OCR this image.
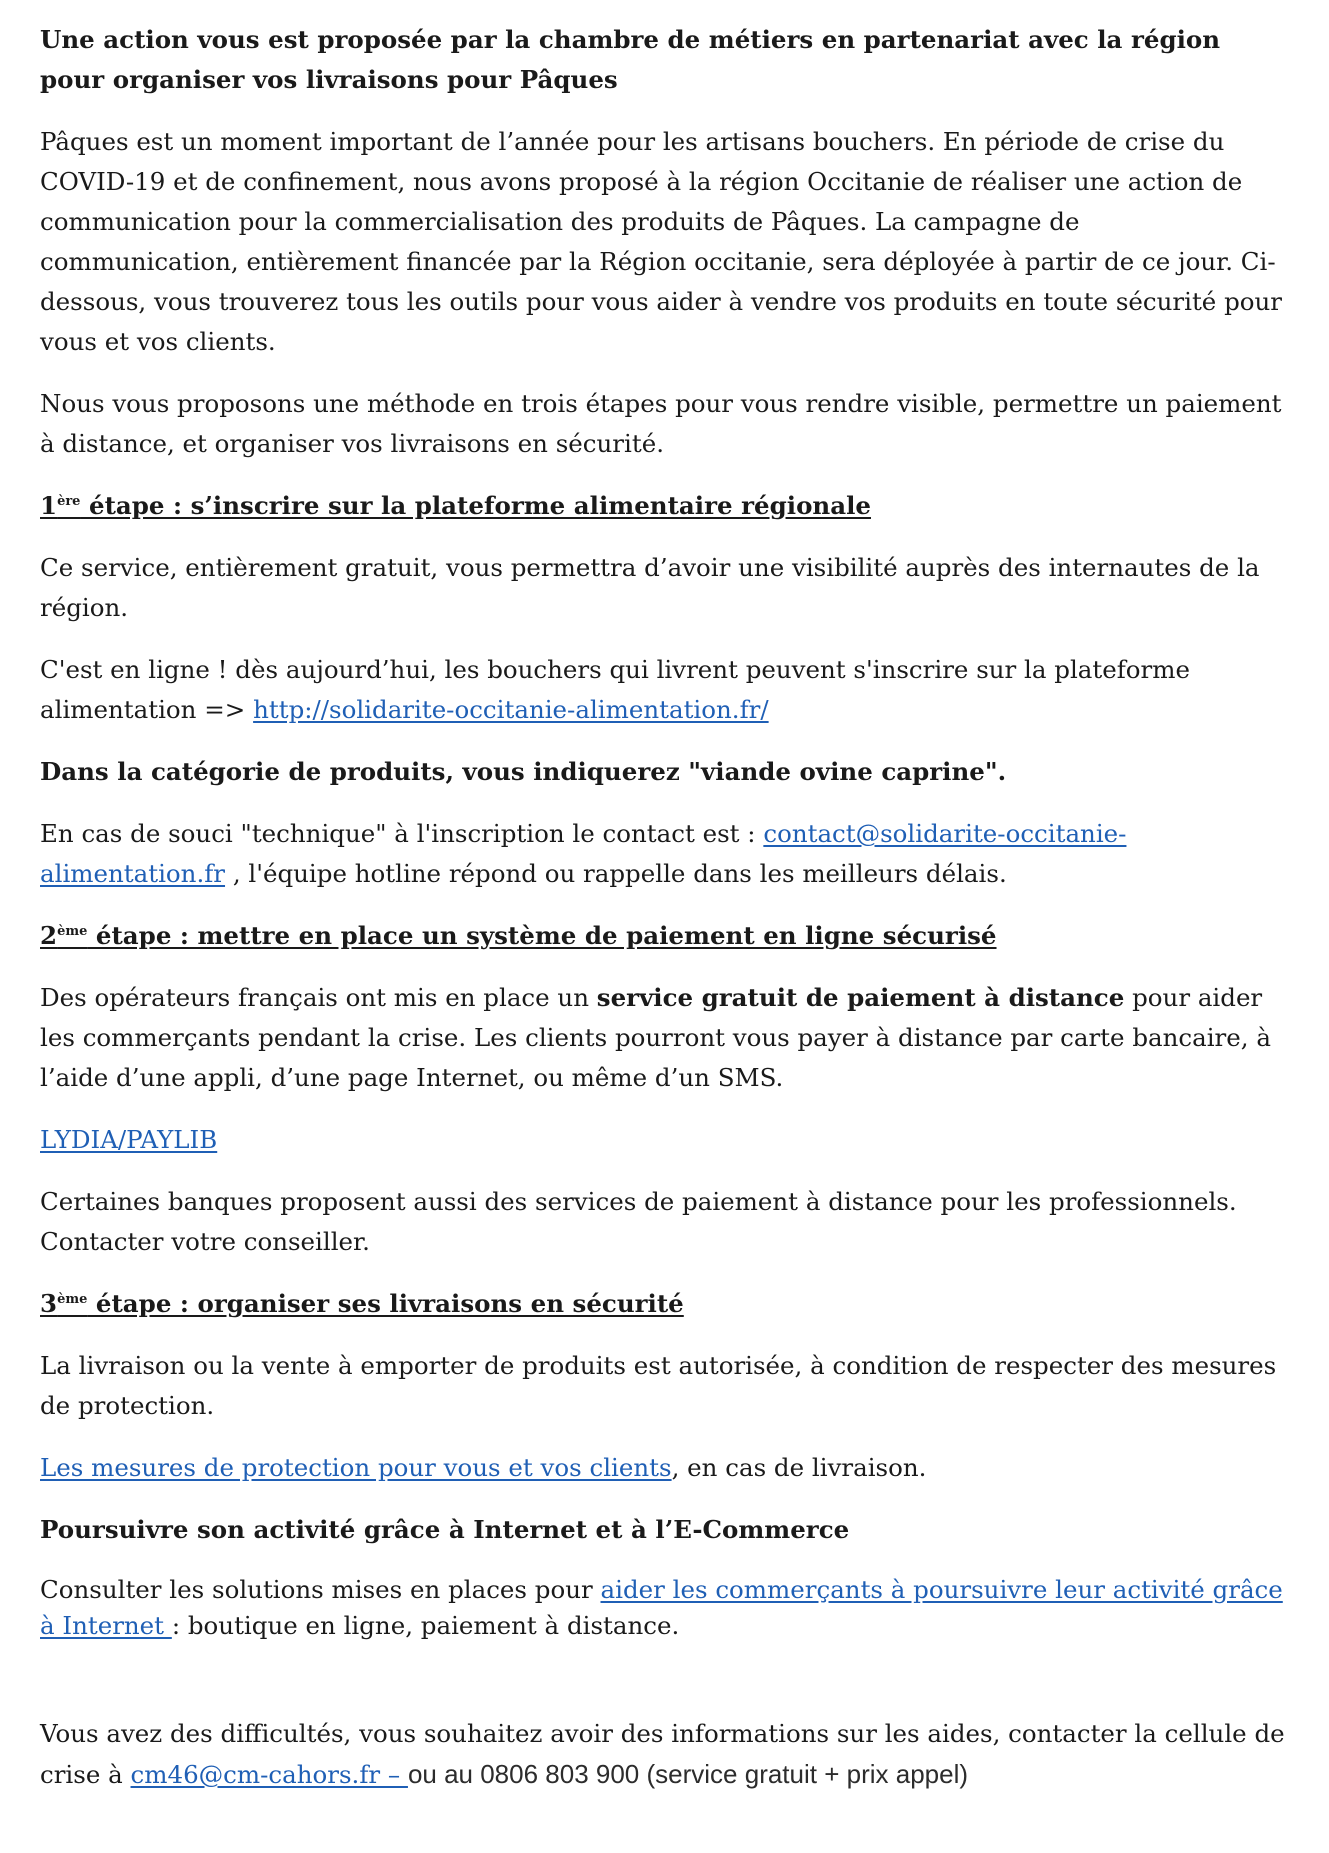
Une action vous est proposée par la chambre de métiers en partenariat avec la région pour organiser vos livraisons pour Pâques

Pâques est un moment important de l’année pour les artisans bouchers. En période de crise du COVID-19 et de confinement, nous avons proposé à la région Occitanie de réaliser une action de communication pour la commercialisation des produits de Pâques. La campagne de communication, entièrement financée par la Région occitanie, sera déployée à partir de ce jour. Ci-dessous, vous trouverez tous les outils pour vous aider à vendre vos produits en toute sécurité pour vous et vos clients.

Nous vous proposons une méthode en trois étapes pour vous rendre visible, permettre un paiement à distance, et organiser vos livraisons en sécurité.

1ère étape : s’inscrire sur la plateforme alimentaire régionale

Ce service, entièrement gratuit, vous permettra d’avoir une visibilité auprès des internautes de la région.

C'est en ligne ! dès aujourd’hui, les bouchers qui livrent peuvent s'inscrire sur la plateforme alimentation => http://solidarite-occitanie-alimentation.fr/

Dans la catégorie de produits, vous indiquerez "viande ovine caprine".

En cas de souci "technique" à l'inscription le contact est : contact@solidarite-occitanie-alimentation.fr , l'équipe hotline répond ou rappelle dans les meilleurs délais.

2ème étape : mettre en place un système de paiement en ligne sécurisé

Des opérateurs français ont mis en place un service gratuit de paiement à distance pour aider les commerçants pendant la crise. Les clients pourront vous payer à distance par carte bancaire, à l’aide d’une appli, d’une page Internet, ou même d’un SMS.

LYDIA/PAYLIB

Certaines banques proposent aussi des services de paiement à distance pour les professionnels. Contacter votre conseiller.

3ème étape : organiser ses livraisons en sécurité

La livraison ou la vente à emporter de produits est autorisée, à condition de respecter des mesures de protection.

Les mesures de protection pour vous et vos clients, en cas de livraison.

Poursuivre son activité grâce à Internet et à l’E-Commerce

Consulter les solutions mises en places pour aider les commerçants à poursuivre leur activité grâce à Internet : boutique en ligne, paiement à distance.

Vous avez des difficultés, vous souhaitez avoir des informations sur les aides, contacter la cellule de crise à cm46@cm-cahors.fr – ou au 0806 803 900 (service gratuit + prix appel)
